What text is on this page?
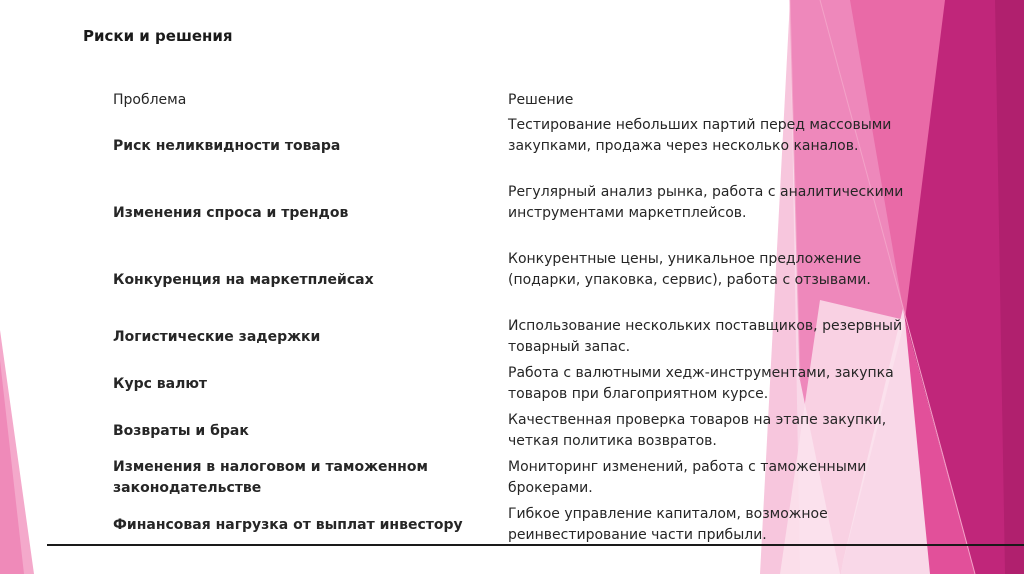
Риски и решения
Проблема	Решение
Риск неликвидности товара
Тестирование небольших партий перед массовыми закупками, продажа через несколько каналов.
Изменения спроса и трендов
Регулярный анализ рынка, работа с аналитическими инструментами маркетплейсов.
Конкуренция на маркетплейсах
Конкурентные цены, уникальное предложение (подарки, упаковка, сервис), работа с отзывами.
Логистические задержки
Использование нескольких поставщиков, резервный товарный запас.
Курс валют
Работа с валютными хедж-инструментами, закупка товаров при благоприятном курсе.
Возвраты и брак
Качественная проверка товаров на этапе закупки, четкая политика возвратов.
Изменения в налоговом и таможенном законодательстве
Мониторинг изменений, работа с таможенными брокерами.
Финансовая нагрузка от выплат инвестору
Гибкое управление капиталом, возможное реинвестирование части прибыли.
